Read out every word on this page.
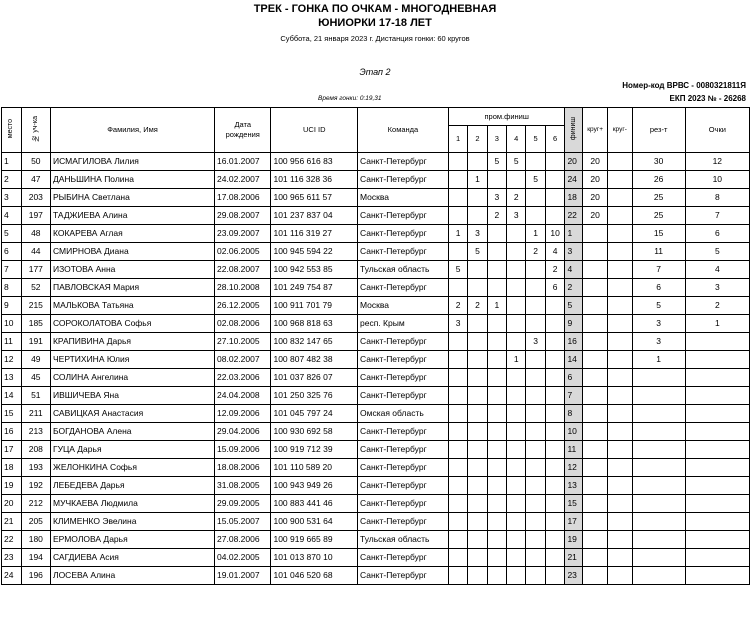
ТРЕК - ГОНКА ПО ОЧКАМ - МНОГОДНЕВНАЯ
ЮНИОРКИ 17-18 ЛЕТ
Суббота, 21 января 2023 г. Дистанция гонки: 60 кругов
Этап 2
Время гонки: 0:19,31
Номер-код ВРВС - 0080321811Я
ЕКП 2023 № - 26268
место	№ уч-ка	Фамилия, Имя	Дата рождения	UCI ID	Команда	пром.финиш						финиш	круг+	круг-	рез-т	Очки
						1	2	3	4	5	6					
1	50	ИСМАГИЛОВА Лилия	16.01.2007	100 956 616 83	Санкт-Петербург			5	5			20	20		30	12
2	47	ДАНЬШИНА Полина	24.02.2007	101 116 328 36	Санкт-Петербург		1			5		24	20		26	10
3	203	РЫБИНА Светлана	17.08.2006	100 965 611 57	Москва			3	2			18	20		25	8
4	197	ТАДЖИЕВА Алина	29.08.2007	101 237 837 04	Санкт-Петербург			2	3			22	20		25	7
5	48	КОКАРЕВА Аглая	23.09.2007	101 116 319 27	Санкт-Петербург	1	3			1	10	1			15	6
6	44	СМИРНОВА Диана	02.06.2005	100 945 594 22	Санкт-Петербург		5			2	4	3			11	5
7	177	ИЗОТОВА Анна	22.08.2007	100 942 553 85	Тульская область	5					2	4			7	4
8	52	ПАВЛОВСКАЯ Мария	28.10.2008	101 249 754 87	Санкт-Петербург						6	2			6	3
9	215	МАЛЬКОВА Татьяна	26.12.2005	100 911 701 79	Москва	2	2	1				5			5	2
10	185	СОРОКОЛАТОВА Софья	02.08.2006	100 968 818 63	респ. Крым	3						9			3	1
11	191	КРАПИВИНА Дарья	27.10.2005	100 832 147 65	Санкт-Петербург					3		16			3	
12	49	ЧЕРТИХИНА Юлия	08.02.2007	100 807 482 38	Санкт-Петербург				1			14			1	
13	45	СОЛИНА Ангелина	22.03.2006	101 037 826 07	Санкт-Петербург							6				
14	51	ИВШИЧЕВА Яна	24.04.2008	101 250 325 76	Санкт-Петербург							7				
15	211	САВИЦКАЯ Анастасия	12.09.2006	101 045 797 24	Омская область							8				
16	213	БОГДАНОВА Алена	29.04.2006	100 930 692 58	Санкт-Петербург							10				
17	208	ГУЦА Дарья	15.09.2006	100 919 712 39	Санкт-Петербург							11				
18	193	ЖЕЛОНКИНА Софья	18.08.2006	101 110 589 20	Санкт-Петербург							12				
19	192	ЛЕБЕДЕВА Дарья	31.08.2005	100 943 949 26	Санкт-Петербург							13				
20	212	МУЧКАЕВА Людмила	29.09.2005	100 883 441 46	Санкт-Петербург							15				
21	205	КЛИМЕНКО Эвелина	15.05.2007	100 900 531 64	Санкт-Петербург							17				
22	180	ЕРМОЛОВА Дарья	27.08.2006	100 919 665 89	Тульская область							19				
23	194	САГДИЕВА Асия	04.02.2005	101 013 870 10	Санкт-Петербург							21				
24	196	ЛОСЕВА Алина	19.01.2007	101 046 520 68	Санкт-Петербург							23				
